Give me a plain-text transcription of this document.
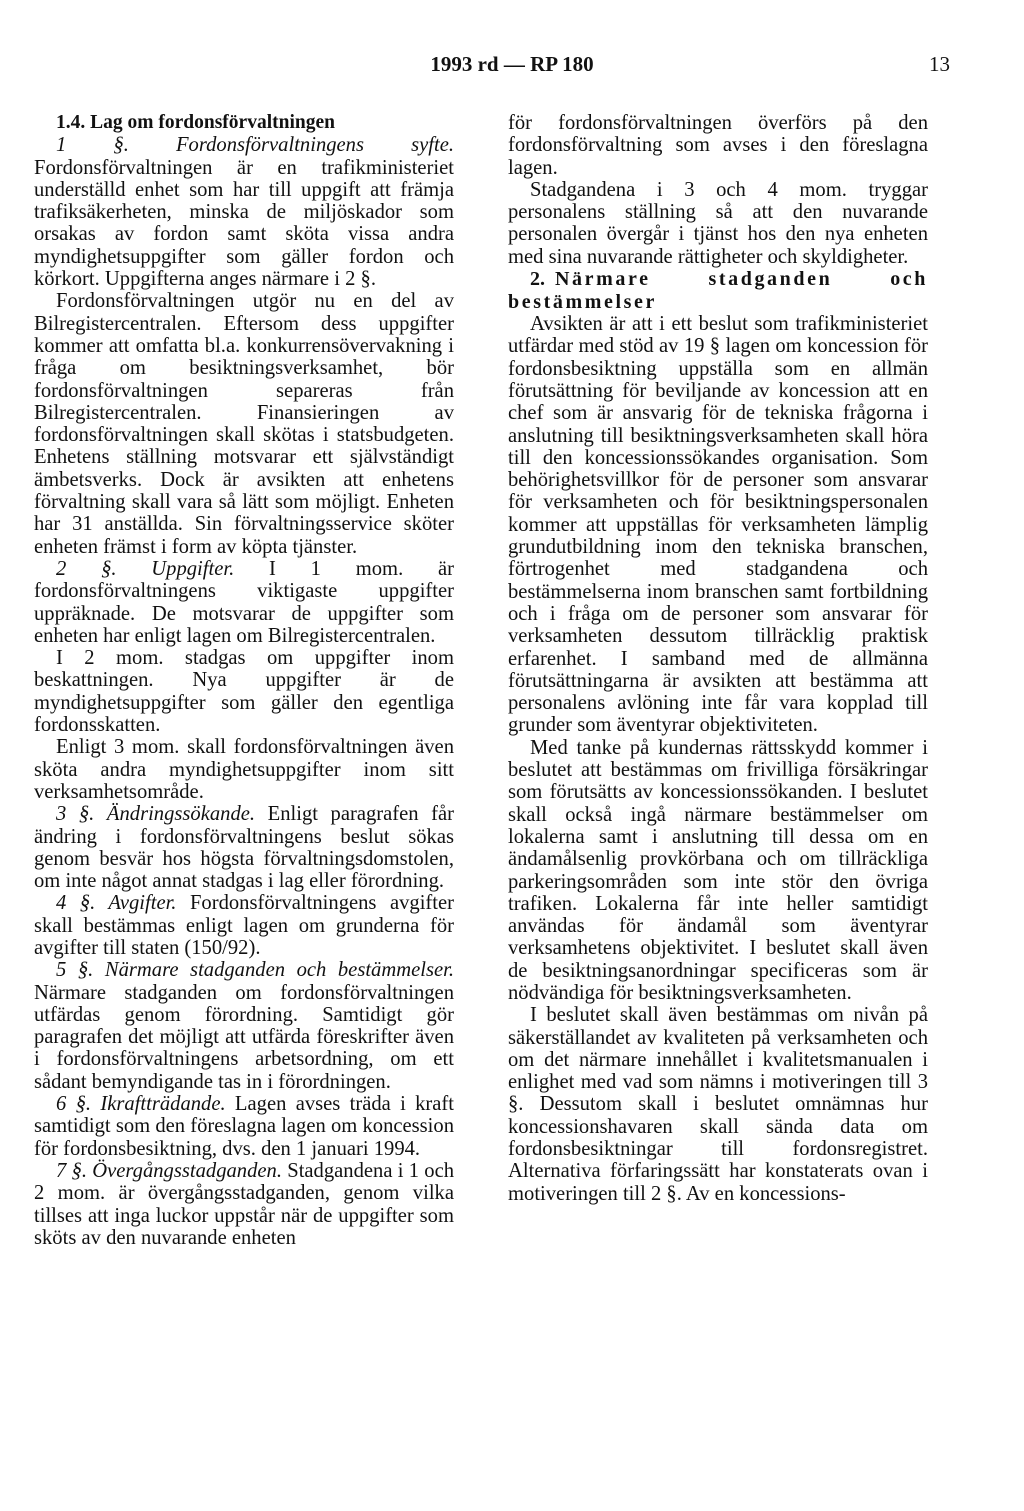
1993 rd — RP 180	13

1.4. Lag om fordonsförvaltningen

1 §. Fordonsförvaltningens syfte. Fordonsförvaltningen är en trafikministeriet underställd enhet som har till uppgift att främja trafiksäkerheten, minska de miljöskador som orsakas av fordon samt sköta vissa andra myndighetsuppgifter som gäller fordon och körkort. Uppgifterna anges närmare i 2 §.

Fordonsförvaltningen utgör nu en del av Bilregistercentralen. Eftersom dess uppgifter kommer att omfatta bl.a. konkurrensövervakning i fråga om besiktningsverksamhet, bör fordonsförvaltningen separeras från Bilregistercentralen. Finansieringen av fordonsförvaltningen skall skötas i statsbudgeten. Enhetens ställning motsvarar ett självständigt ämbetsverks. Dock är avsikten att enhetens förvaltning skall vara så lätt som möjligt. Enheten har 31 anställda. Sin förvaltningsservice sköter enheten främst i form av köpta tjänster.

2 §. Uppgifter. I 1 mom. är fordonsförvaltningens viktigaste uppgifter uppräknade. De motsvarar de uppgifter som enheten har enligt lagen om Bilregistercentralen.

I 2 mom. stadgas om uppgifter inom beskattningen. Nya uppgifter är de myndighetsuppgifter som gäller den egentliga fordonsskatten.

Enligt 3 mom. skall fordonsförvaltningen även sköta andra myndighetsuppgifter inom sitt verksamhetsområde.

3 §. Ändringssökande. Enligt paragrafen får ändring i fordonsförvaltningens beslut sökas genom besvär hos högsta förvaltningsdomstolen, om inte något annat stadgas i lag eller förordning.

4 §. Avgifter. Fordonsförvaltningens avgifter skall bestämmas enligt lagen om grunderna för avgifter till staten (150/92).

5 §. Närmare stadganden och bestämmelser. Närmare stadganden om fordonsförvaltningen utfärdas genom förordning. Samtidigt gör paragrafen det möjligt att utfärda föreskrifter även i fordonsförvaltningens arbetsordning, om ett sådant bemyndigande tas in i förordningen.

6 §. Ikraftträdande. Lagen avses träda i kraft samtidigt som den föreslagna lagen om koncession för fordonsbesiktning, dvs. den 1 januari 1994.

7 §. Övergångsstadganden. Stadgandena i 1 och 2 mom. är övergångsstadganden, genom vilka tillses att inga luckor uppstår när de uppgifter som sköts av den nuvarande enheten

för fordonsförvaltningen överförs på den fordonsförvaltning som avses i den föreslagna lagen.

Stadgandena i 3 och 4 mom. tryggar personalens ställning så att den nuvarande personalen övergår i tjänst hos den nya enheten med sina nuvarande rättigheter och skyldigheter.

2. Närmare stadganden och bestämmelser

Avsikten är att i ett beslut som trafikministeriet utfärdar med stöd av 19 § lagen om koncession för fordonsbesiktning uppställa som en allmän förutsättning för beviljande av koncession att en chef som är ansvarig för de tekniska frågorna i anslutning till besiktningsverksamheten skall höra till den koncessionssökandes organisation. Som behörighetsvillkor för de personer som ansvarar för verksamheten och för besiktningspersonalen kommer att uppställas för verksamheten lämplig grundutbildning inom den tekniska branschen, förtrogenhet med stadgandena och bestämmelserna inom branschen samt fortbildning och i fråga om de personer som ansvarar för verksamheten dessutom tillräcklig praktisk erfarenhet. I samband med de allmänna förutsättningarna är avsikten att bestämma att personalens avlöning inte får vara kopplad till grunder som äventyrar objektiviteten.

Med tanke på kundernas rättsskydd kommer i beslutet att bestämmas om frivilliga försäkringar som förutsätts av koncessionssökanden. I beslutet skall också ingå närmare bestämmelser om lokalerna samt i anslutning till dessa om en ändamålsenlig provkörbana och om tillräckliga parkeringsområden som inte stör den övriga trafiken. Lokalerna får inte heller samtidigt användas för ändamål som äventyrar verksamhetens objektivitet. I beslutet skall även de besiktningsanordningar specificeras som är nödvändiga för besiktningsverksamheten.

I beslutet skall även bestämmas om nivån på säkerställandet av kvaliteten på verksamheten och om det närmare innehållet i kvalitetsmanualen i enlighet med vad som nämns i motiveringen till 3 §. Dessutom skall i beslutet omnämnas hur koncessionshavaren skall sända data om fordonsbesiktningar till fordonsregistret. Alternativa förfaringssätt har konstaterats ovan i motiveringen till 2 §. Av en koncessions-
